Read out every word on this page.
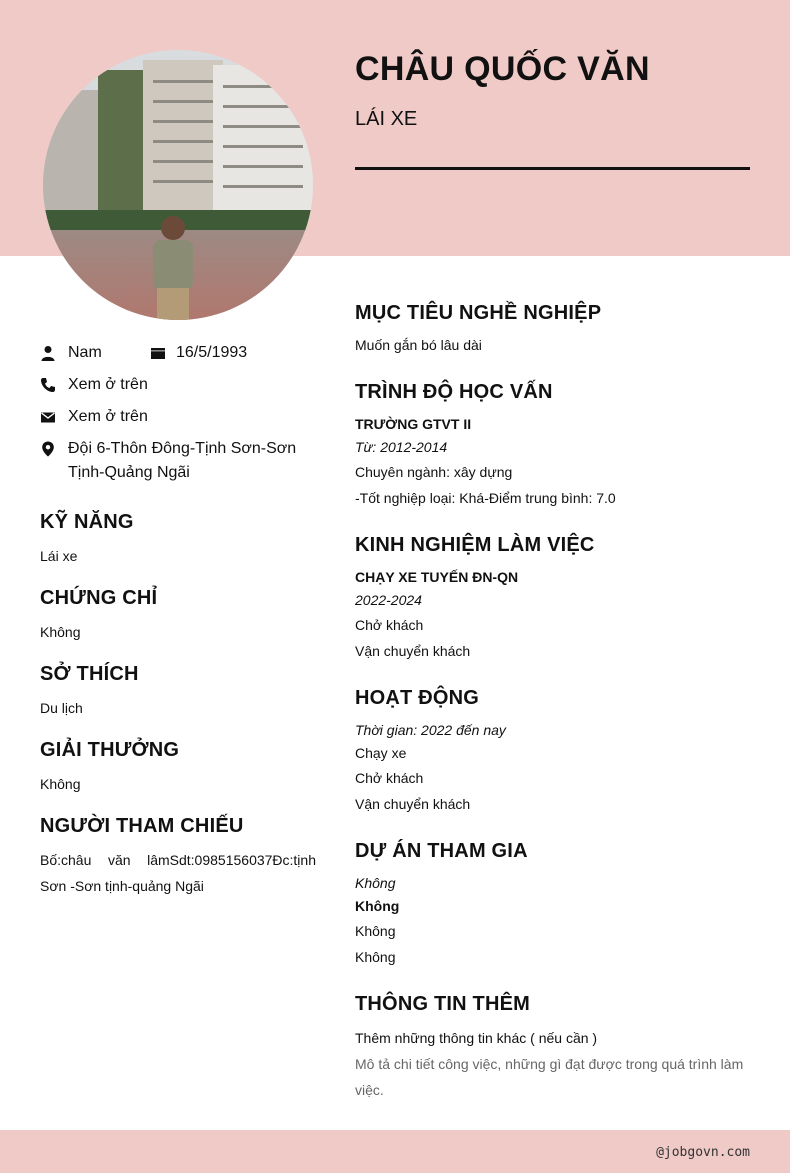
CHÂU QUỐC VĂN
LÁI XE
Nam	16/5/1993
Xem ở trên
Xem ở trên
Đội 6-Thôn Đông-Tịnh Sơn-Sơn
Tịnh-Quảng Ngãi
KỸ NĂNG
Lái xe
CHỨNG CHỈ
Không
SỞ THÍCH
Du lịch
GIẢI THƯỞNG
Không
NGƯỜI THAM CHIẾU
Bố:châu văn lâmSdt:0985156037Đc:tịnh Sơn -Sơn tịnh-quảng Ngãi
MỤC TIÊU NGHỀ NGHIỆP
Muốn gắn bó lâu dài
TRÌNH ĐỘ HỌC VẤN
TRƯỜNG GTVT II
Từ: 2012-2014
Chuyên ngành: xây dựng
-Tốt nghiệp loại: Khá-Điểm trung bình: 7.0
KINH NGHIỆM LÀM VIỆC
CHẠY XE TUYẾN ĐN-QN
2022-2024
Chở khách
Vận chuyển khách
HOẠT ĐỘNG
Thời gian: 2022 đến nay
Chạy xe
Chở khách
Vận chuyển khách
DỰ ÁN THAM GIA
Không
Không
Không
Không
THÔNG TIN THÊM
Thêm những thông tin khác ( nếu cần )
Mô tả chi tiết công việc, những gì đạt được trong quá trình làm việc.
@jobgovn.com
